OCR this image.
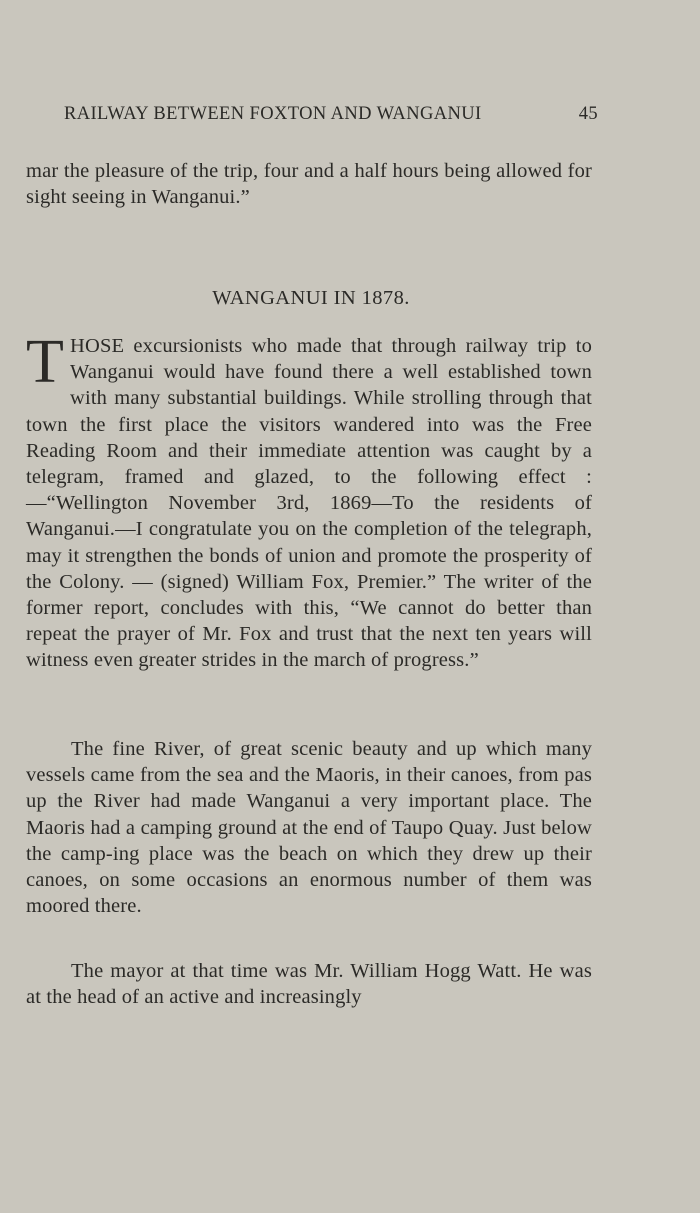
RAILWAY BETWEEN FOXTON AND WANGANUI	45

mar the pleasure of the trip, four and a half hours being allowed for sight seeing in Wanganui.”

WANGANUI IN 1878.
THOSE excursionists who made that through railway trip to Wanganui would have found there a well established town with many substantial buildings. While strolling through that town the first place the visitors wandered into was the Free Reading Room and their immediate attention was caught by a telegram, framed and glazed, to the following effect :—“Wellington November 3rd, 1869—To the residents of Wanganui.—I congratulate you on the completion of the telegraph, may it strengthen the bonds of union and promote the prosperity of the Colony. — (signed) William Fox, Premier.” The writer of the former report, concludes with this, “We cannot do better than repeat the prayer of Mr. Fox and trust that the next ten years will witness even greater strides in the march of progress.”

The fine River, of great scenic beauty and up which many vessels came from the sea and the Maoris, in their canoes, from pas up the River had made Wanganui a very important place. The Maoris had a camping ground at the end of Taupo Quay. Just below the camp-ing place was the beach on which they drew up their canoes, on some occasions an enormous number of them was moored there.

The mayor at that time was Mr. William Hogg Watt. He was at the head of an active and increasingly
